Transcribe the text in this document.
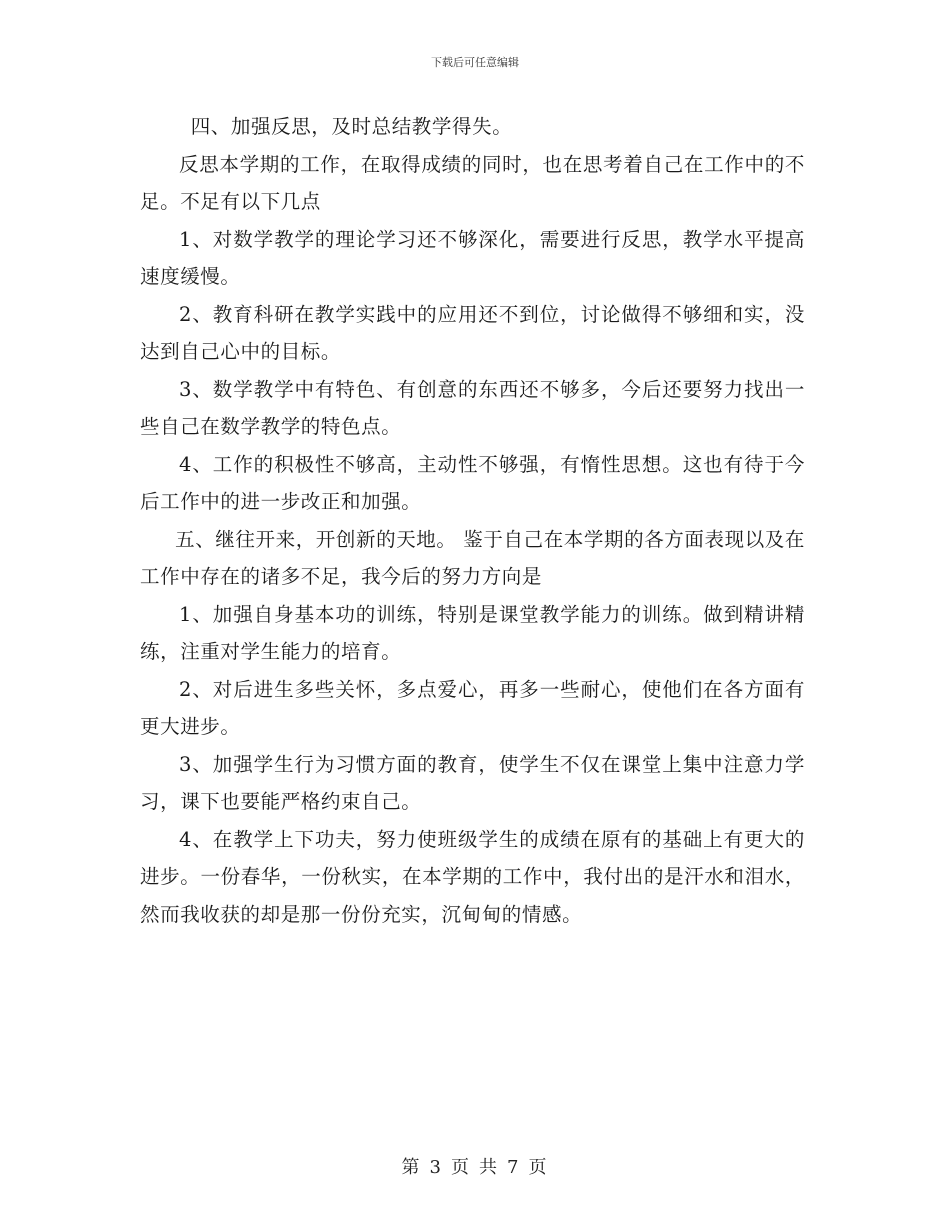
下载后可任意编辑

四、加强反思，及时总结教学得失。

反思本学期的工作，在取得成绩的同时，也在思考着自己在工作中的不足。不足有以下几点

1、对数学教学的理论学习还不够深化，需要进行反思，教学水平提高速度缓慢。

2、教育科研在教学实践中的应用还不到位，讨论做得不够细和实，没达到自己心中的目标。

3、数学教学中有特色、有创意的东西还不够多，今后还要努力找出一些自己在数学教学的特色点。

4、工作的积极性不够高，主动性不够强，有惰性思想。这也有待于今后工作中的进一步改正和加强。

五、继往开来，开创新的天地。 鉴于自己在本学期的各方面表现以及在工作中存在的诸多不足，我今后的努力方向是

1、加强自身基本功的训练，特别是课堂教学能力的训练。做到精讲精练，注重对学生能力的培育。

2、对后进生多些关怀，多点爱心，再多一些耐心，使他们在各方面有更大进步。

3、加强学生行为习惯方面的教育，使学生不仅在课堂上集中注意力学习，课下也要能严格约束自己。

4、在教学上下功夫，努力使班级学生的成绩在原有的基础上有更大的进步。一份春华，一份秋实，在本学期的工作中，我付出的是汗水和泪水，然而我收获的却是那一份份充实，沉甸甸的情感。

第 3 页 共 7 页
